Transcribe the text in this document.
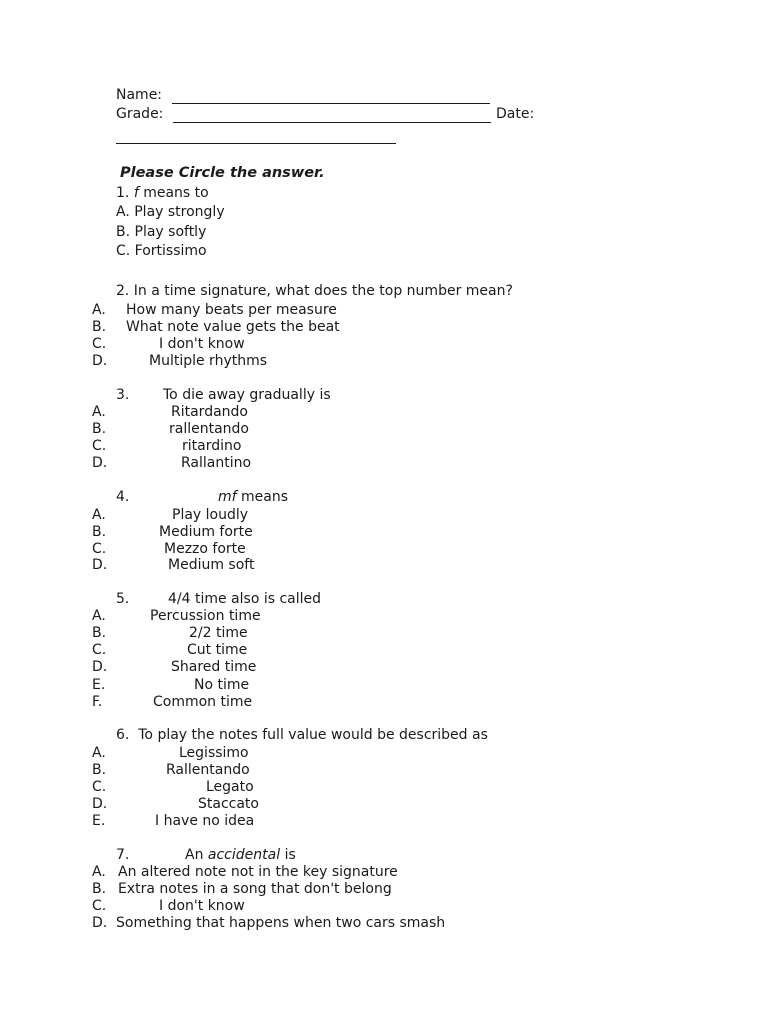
Name:
Grade:	Date:
Please Circle the answer.
1. f means to
A. Play strongly
B. Play softly
C. Fortissimo
2. In a time signature, what does the top number mean?
A. How many beats per measure
B. What note value gets the beat
C.	I don't know
D.	Multiple rhythms
3. To die away gradually is
A.	Ritardando
B.	rallentando
C.	ritardino
D.	Rallantino
4.	mf means
A.	Play loudly
B.	Medium forte
C.	Mezzo forte
D.	Medium soft
5.	4/4 time also is called
A.	Percussion time
B.	2/2 time
C.	Cut time
D.	Shared time
E.	No time
F.	Common time
6.  To play the notes full value would be described as
A.	Legissimo
B.	Rallentando
C.	Legato
D.	Staccato
E.	I have no idea
7.	An accidental is
A. An altered note not in the key signature
B. Extra notes in a song that don't belong
C.	I don't know
D. Something that happens when two cars smash
